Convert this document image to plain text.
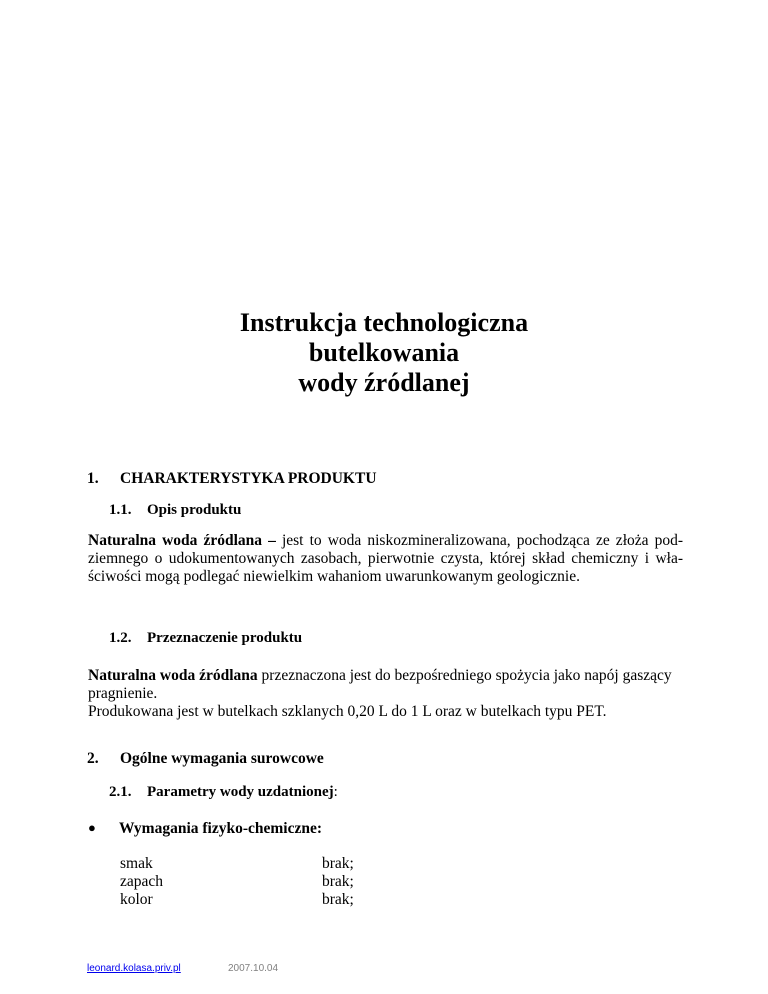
Instrukcja technologiczna
butelkowania
wody źródlanej
1. CHARAKTERYSTYKA PRODUKTU
1.1. Opis produktu
Naturalna woda źródlana – jest to woda niskozmineralizowana, pochodząca ze złoża pod-
ziemnego o udokumentowanych zasobach, pierwotnie czysta, której skład chemiczny i wła-
ściwości mogą podlegać niewielkim wahaniom uwarunkowanym geologicznie.
1.2. Przeznaczenie produktu
Naturalna woda źródlana przeznaczona jest do bezpośredniego spożycia jako napój gaszący
pragnienie.
Produkowana jest w butelkach szklanych 0,20 L do 1 L oraz w butelkach typu PET.
2. Ogólne wymagania surowcowe
2.1. Parametry wody uzdatnionej:
● Wymagania fizyko-chemiczne:
smak	brak;
zapach	brak;
kolor	brak;
leonard.kolasa.priv.pl	2007.10.04
